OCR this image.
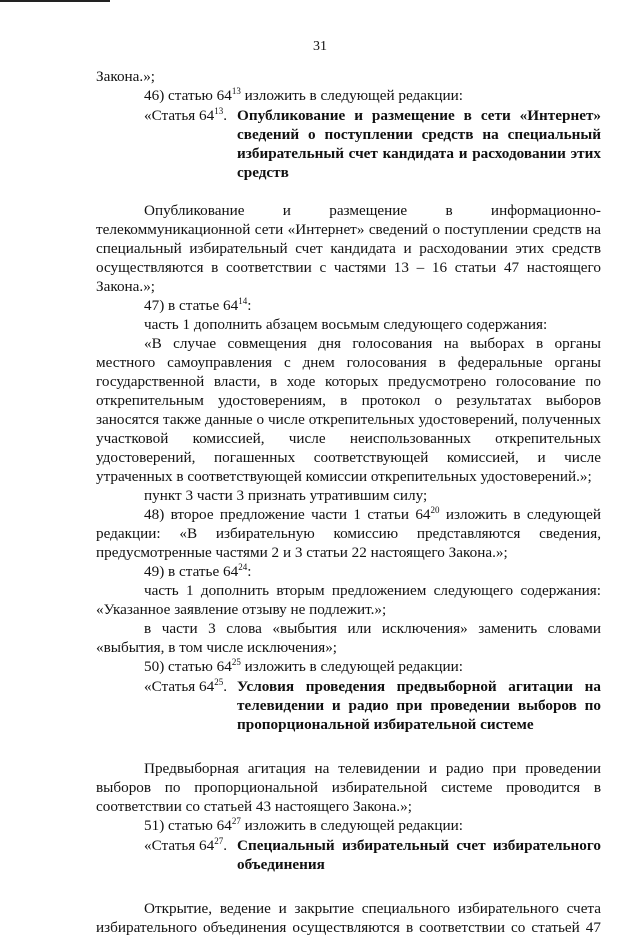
31

Закона.»;

46) статью $64^{13}$ изложить в следующей редакции:

«Статья $64^{13}$. Опубликование и размещение в сети «Интернет» сведений о поступлении средств на специальный избирательный счет кандидата и расходовании этих средств

Опубликование и размещение в информационно-телекоммуникационной сети «Интернет» сведений о поступлении средств на специальный избирательный счет кандидата и расходовании этих средств осуществляются в соответствии с частями 13 – 16 статьи 47 настоящего Закона.»;

47) в статье $64^{14}$:

часть 1 дополнить абзацем восьмым следующего содержания:

«В случае совмещения дня голосования на выборах в органы местного самоуправления с днем голосования в федеральные органы государственной власти, в ходе которых предусмотрено голосование по открепительным удостоверениям, в протокол о результатах выборов заносятся также данные о числе открепительных удостоверений, полученных участковой комиссией, числе неиспользованных открепительных удостоверений, погашенных соответствующей комиссией, и числе утраченных в соответствующей комиссии открепительных удостоверений.»;

пункт 3 части 3 признать утратившим силу;

48) второе предложение части 1 статьи $64^{20}$ изложить в следующей редакции: «В избирательную комиссию представляются сведения, предусмотренные частями 2 и 3 статьи 22 настоящего Закона.»;

49) в статье $64^{24}$:

часть 1 дополнить вторым предложением следующего содержания: «Указанное заявление отзыву не подлежит.»;

в части 3 слова «выбытия или исключения» заменить словами «выбытия, в том числе исключения»;

50) статью $64^{25}$ изложить в следующей редакции:

«Статья $64^{25}$. Условия проведения предвыборной агитации на телевидении и радио при проведении выборов по пропорциональной избирательной системе

Предвыборная агитация на телевидении и радио при проведении выборов по пропорциональной избирательной системе проводится в соответствии со статьей 43 настоящего Закона.»;

51) статью $64^{27}$ изложить в следующей редакции:

«Статья $64^{27}$. Специальный избирательный счет избирательного объединения

Открытие, ведение и закрытие специального избирательного счета избирательного объединения осуществляются в соответствии со статьей 47
